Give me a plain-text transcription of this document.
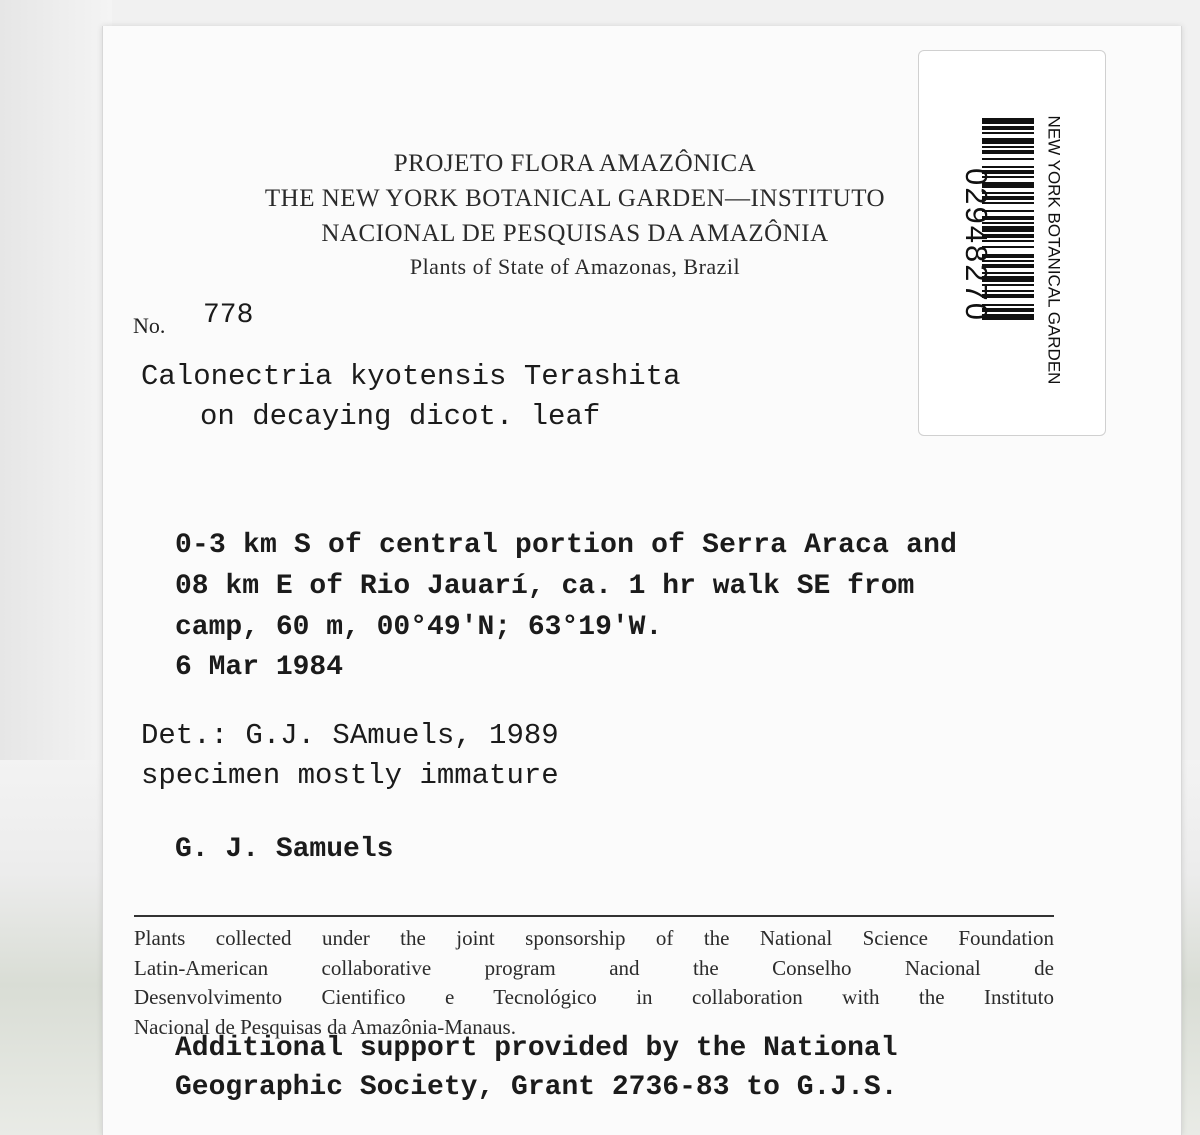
PROJETO FLORA AMAZÔNICA
THE NEW YORK BOTANICAL GARDEN—INSTITUTO
NACIONAL DE PESQUISAS DA AMAZÔNIA
Plants of State of Amazonas, Brazil
No. 778
Calonectria kyotensis Terashita
on decaying dicot. leaf
0-3 km S of central portion of Serra Araca and
08 km E of Rio Jauarí, ca. 1 hr walk SE from
camp, 60 m, 00°49'N; 63°19'W.
6 Mar 1984
Det.: G.J. SAmuels, 1989
specimen mostly immature
G. J. Samuels
Plants collected under the joint sponsorship of the National Science Foundation
Latin-American collaborative program and the Conselho Nacional de
Desenvolvimento Cientifico e Tecnológico in collaboration with the Instituto
Nacional de Pesquisas da Amazônia-Manaus.
Additional support provided by the National
Geographic Society, Grant 2736-83 to G.J.S.
02948270	NEW YORK BOTANICAL GARDEN
